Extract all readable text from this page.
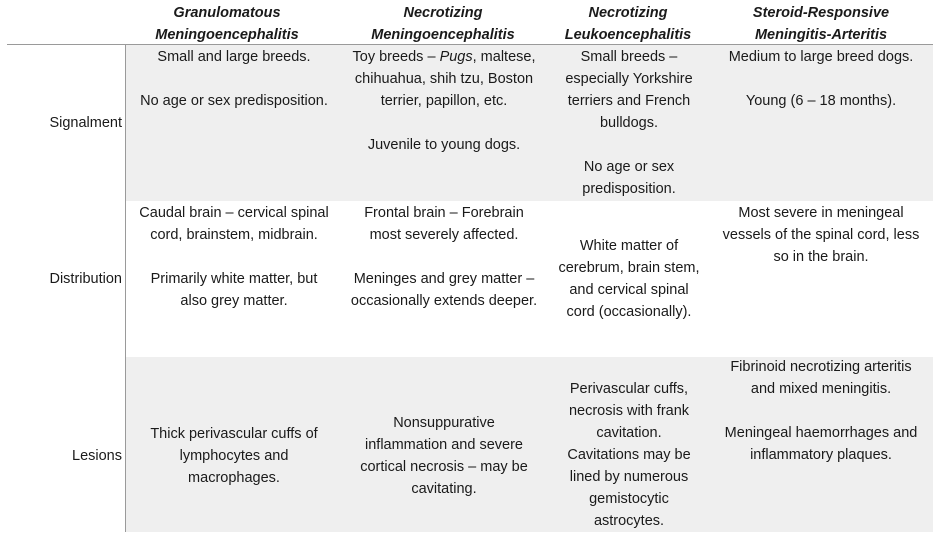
Granulomatous
Meningoencephalitis
Necrotizing
Meningoencephalitis
Necrotizing
Leukoencephalitis
Steroid-Responsive
Meningitis-Arteritis
Signalment
Distribution
Lesions
Small and large breeds.
No age or sex predisposition.
Toy breeds – Pugs, maltese, chihuahua, shih tzu, Boston terrier, papillon, etc.
Juvenile to young dogs.
Small breeds – especially Yorkshire terriers and French bulldogs.
No age or sex predisposition.
Medium to large breed dogs.
Young (6 – 18 months).
Caudal brain – cervical spinal cord, brainstem, midbrain.
Primarily white matter, but also grey matter.
Frontal brain – Forebrain most severely affected.
Meninges and grey matter – occasionally extends deeper.
White matter of cerebrum, brain stem, and cervical spinal cord (occasionally).
Most severe in meningeal vessels of the spinal cord, less so in the brain.
Thick perivascular cuffs of lymphocytes and macrophages.
Nonsuppurative inflammation and severe cortical necrosis – may be cavitating.
Perivascular cuffs, necrosis with frank cavitation.
Cavitations may be lined by numerous gemistocytic astrocytes.
Fibrinoid necrotizing arteritis and mixed meningitis.
Meningeal haemorrhages and inflammatory plaques.
